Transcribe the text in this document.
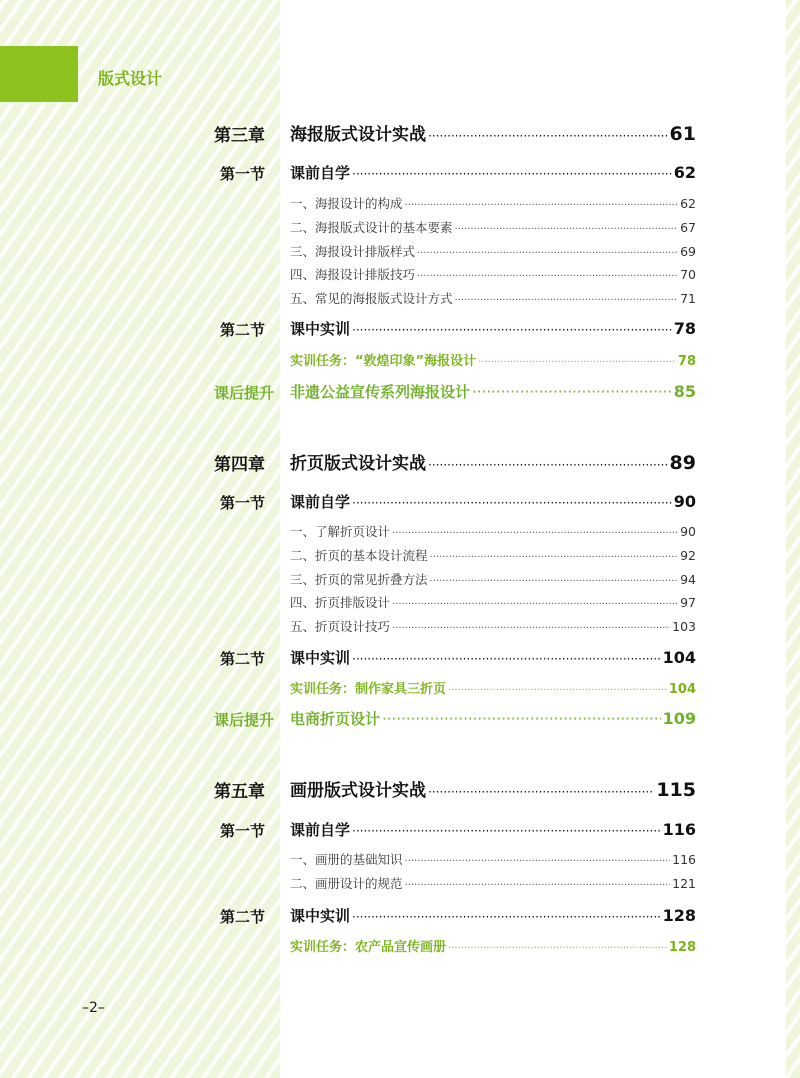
版式设计
第三章 海报版式设计实战 ·····	61
第一节 课前自学 ·····	62
一、海报设计的构成 ·····	62
二、海报版式设计的基本要素 ·····	67
三、海报设计排版样式 ·····	69
四、海报设计排版技巧 ·····	70
五、常见的海报版式设计方式 ·····	71
第二节 课中实训 ·····	78
实训任务：“敦煌印象”海报设计 ·····	78
课后提升 非遗公益宣传系列海报设计 ·····	85
第四章 折页版式设计实战 ·····	89
第一节 课前自学 ·····	90
一、了解折页设计 ·····	90
二、折页的基本设计流程 ·····	92
三、折页的常见折叠方法 ·····	94
四、折页排版设计 ·····	97
五、折页设计技巧 ·····	103
第二节 课中实训 ·····	104
实训任务：制作家具三折页 ·····	104
课后提升 电商折页设计 ·····	109
第五章 画册版式设计实战 ·····	115
第一节 课前自学 ·····	116
一、画册的基础知识 ·····	116
二、画册设计的规范 ·····	121
第二节 课中实训 ·····	128
实训任务：农产品宣传画册 ·····	128
–2–
